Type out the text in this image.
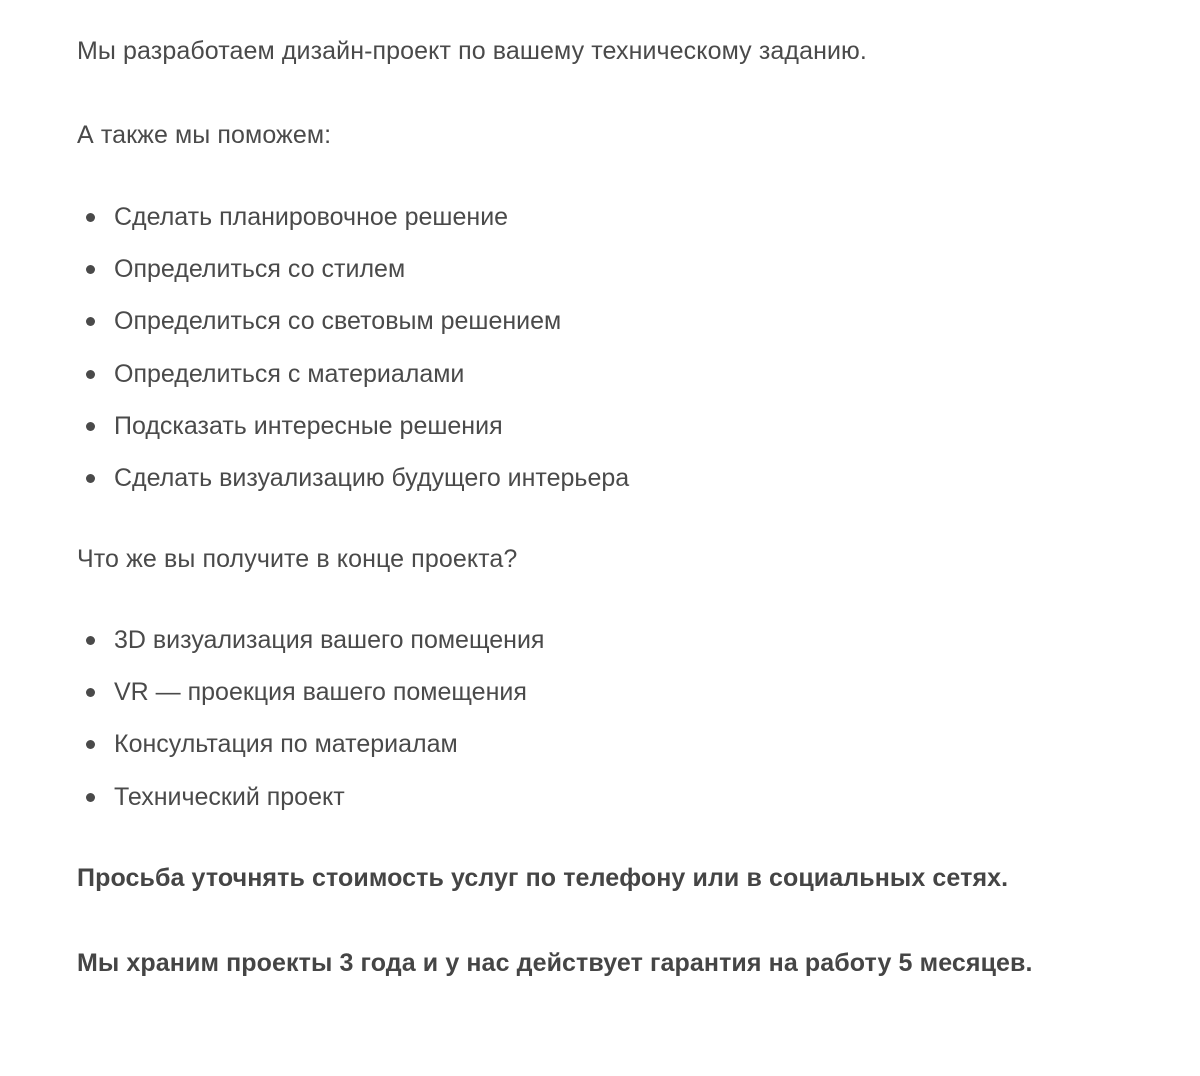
Мы разработаем дизайн-проект по вашему техническому заданию.

А также мы поможем:

Сделать планировочное решение
Определиться со стилем
Определиться со световым решением
Определиться с материалами
Подсказать интересные решения
Сделать визуализацию будущего интерьера

Что же вы получите в конце проекта?

3D визуализация вашего помещения
VR — проекция вашего помещения
Консультация по материалам
Технический проект

Просьба уточнять стоимость услуг по телефону или в социальных сетях.

Мы храним проекты 3 года и у нас действует гарантия на работу 5 месяцев.
